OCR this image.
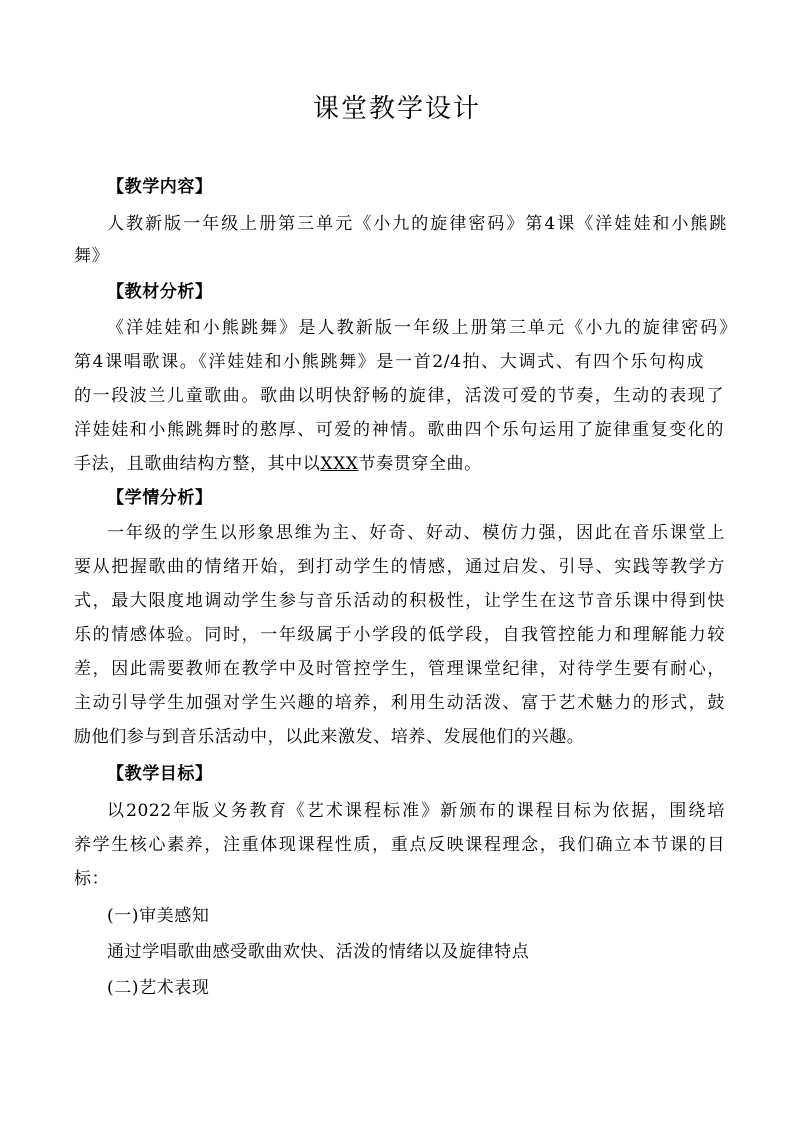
课堂教学设计
【教学内容】
人教新版一年级上册第三单元《小九的旋律密码》第4课《洋娃娃和小熊跳
舞》
【教材分析】
《洋娃娃和小熊跳舞》是人教新版一年级上册第三单元《小九的旋律密码》
第4课唱歌课。《洋娃娃和小熊跳舞》是一首2/4拍、大调式、有四个乐句构成
的一段波兰儿童歌曲。歌曲以明快舒畅的旋律，活泼可爱的节奏，生动的表现了
洋娃娃和小熊跳舞时的憨厚、可爱的神情。歌曲四个乐句运用了旋律重复变化的
手法，且歌曲结构方整，其中以XXX节奏贯穿全曲。
【学情分析】
一年级的学生以形象思维为主、好奇、好动、模仿力强，因此在音乐课堂上
要从把握歌曲的情绪开始，到打动学生的情感，通过启发、引导、实践等教学方
式，最大限度地调动学生参与音乐活动的积极性，让学生在这节音乐课中得到快
乐的情感体验。同时，一年级属于小学段的低学段，自我管控能力和理解能力较
差，因此需要教师在教学中及时管控学生，管理课堂纪律，对待学生要有耐心，
主动引导学生加强对学生兴趣的培养，利用生动活泼、富于艺术魅力的形式，鼓
励他们参与到音乐活动中，以此来激发、培养、发展他们的兴趣。
【教学目标】
以2022年版义务教育《艺术课程标准》新颁布的课程目标为依据，围绕培
养学生核心素养，注重体现课程性质，重点反映课程理念，我们确立本节课的目
标：
(一)审美感知
通过学唱歌曲感受歌曲欢快、活泼的情绪以及旋律特点
(二)艺术表现
